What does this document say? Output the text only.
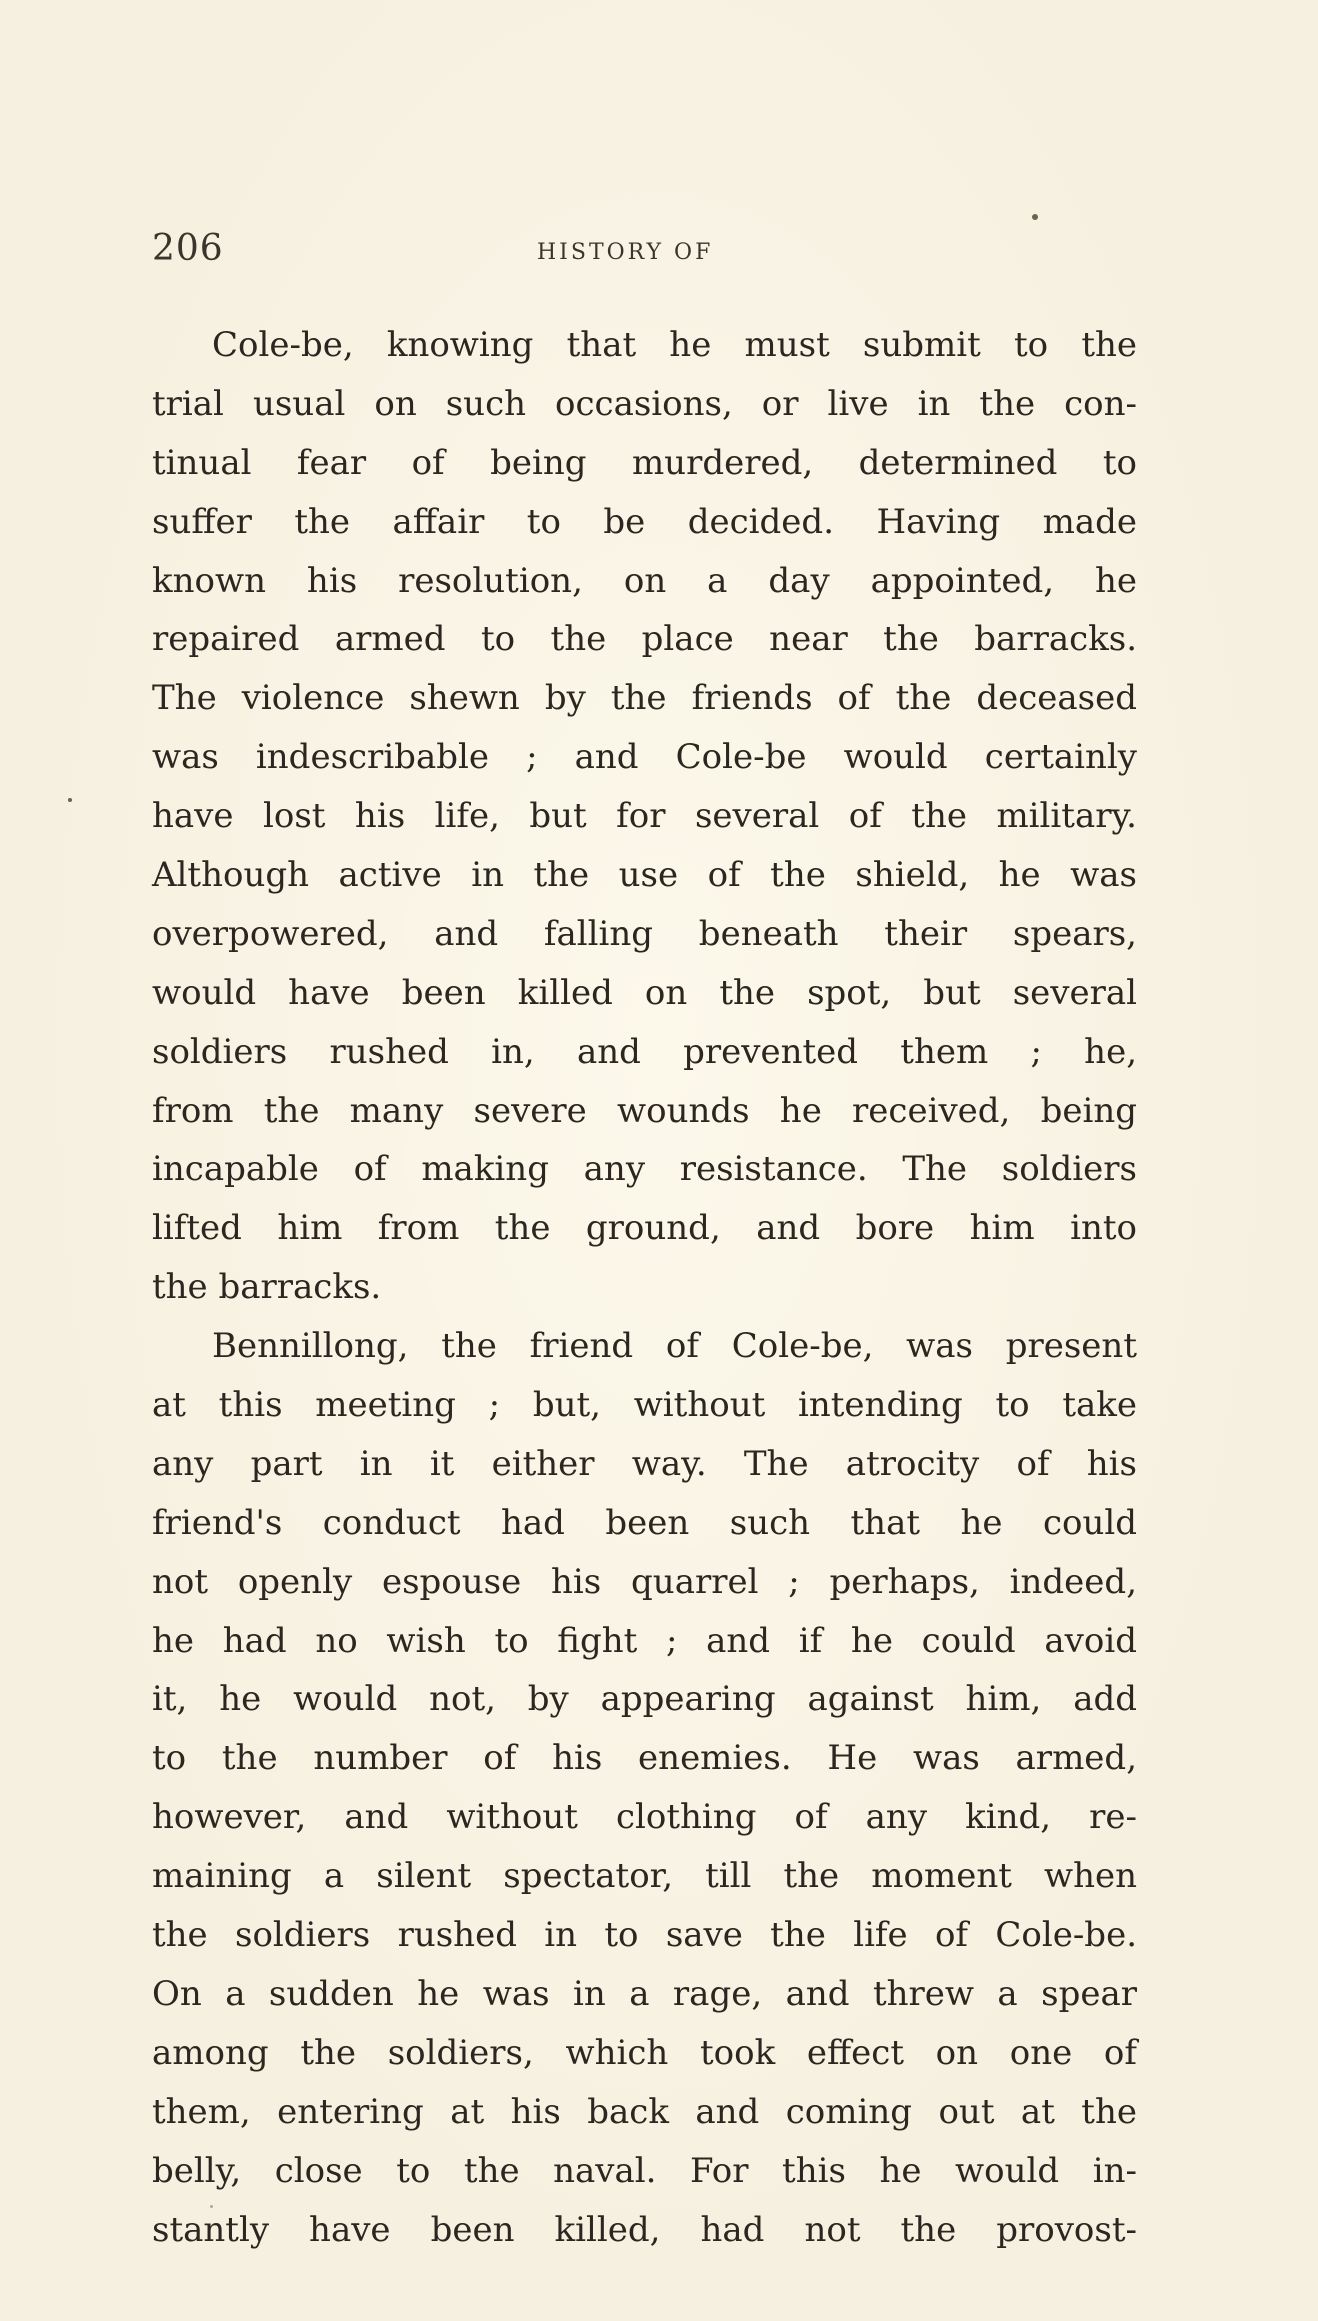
206	HISTORY OF
Cole-be, knowing that he must submit to the
trial usual on such occasions, or live in the con-
tinual fear of being murdered, determined to
suffer the affair to be decided. Having made
known his resolution, on a day appointed, he
repaired armed to the place near the barracks.
The violence shewn by the friends of the deceased
was indescribable ; and Cole-be would certainly
have lost his life, but for several of the military.
Although active in the use of the shield, he was
overpowered, and falling beneath their spears,
would have been killed on the spot, but several
soldiers rushed in, and prevented them ; he,
from the many severe wounds he received, being
incapable of making any resistance. The soldiers
lifted him from the ground, and bore him into
the barracks.
Bennillong, the friend of Cole-be, was present
at this meeting ; but, without intending to take
any part in it either way. The atrocity of his
friend's conduct had been such that he could
not openly espouse his quarrel ; perhaps, indeed,
he had no wish to fight ; and if he could avoid
it, he would not, by appearing against him, add
to the number of his enemies. He was armed,
however, and without clothing of any kind, re-
maining a silent spectator, till the moment when
the soldiers rushed in to save the life of Cole-be.
On a sudden he was in a rage, and threw a spear
among the soldiers, which took effect on one of
them, entering at his back and coming out at the
belly, close to the naval. For this he would in-
stantly have been killed, had not the provost-
